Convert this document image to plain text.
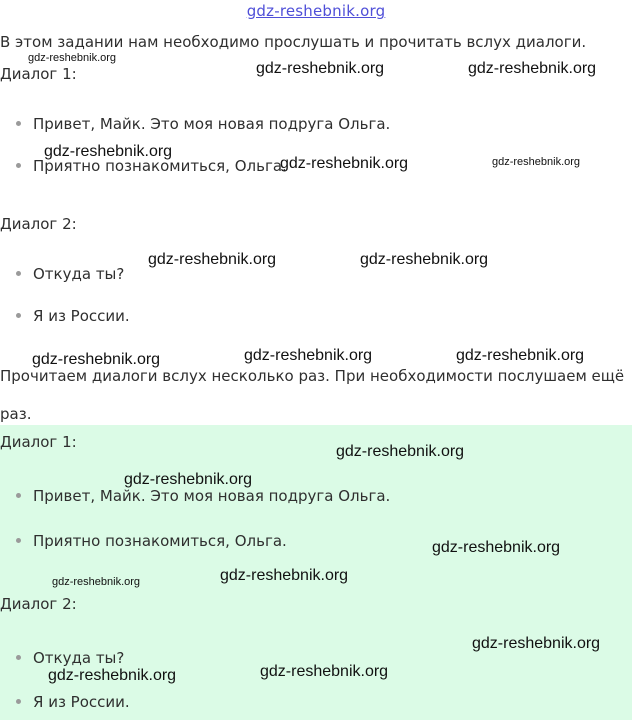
gdz-reshebnik.org
В этом задании нам необходимо прослушать и прочитать вслух диалоги.
Диалог 1:
Привет, Майк. Это моя новая подруга Ольга.
Приятно познакомиться, Ольга.
Диалог 2:
Откуда ты?
Я из России.
Прочитаем диалоги вслух несколько раз. При необходимости послушаем ещё раз.
Диалог 1:
Привет, Майк. Это моя новая подруга Ольга.
Приятно познакомиться, Ольга.
Диалог 2:
Откуда ты?
Я из России.
gdz-reshebnik.org
gdz-reshebnik.org	gdz-reshebnik.org
gdz-reshebnik.org
gdz-reshebnik.org	gdz-reshebnik.org
gdz-reshebnik.org	gdz-reshebnik.org
gdz-reshebnik.org	gdz-reshebnik.org	gdz-reshebnik.org
gdz-reshebnik.org
gdz-reshebnik.org
gdz-reshebnik.org
gdz-reshebnik.org	gdz-reshebnik.org
gdz-reshebnik.org
gdz-reshebnik.org	gdz-reshebnik.org
